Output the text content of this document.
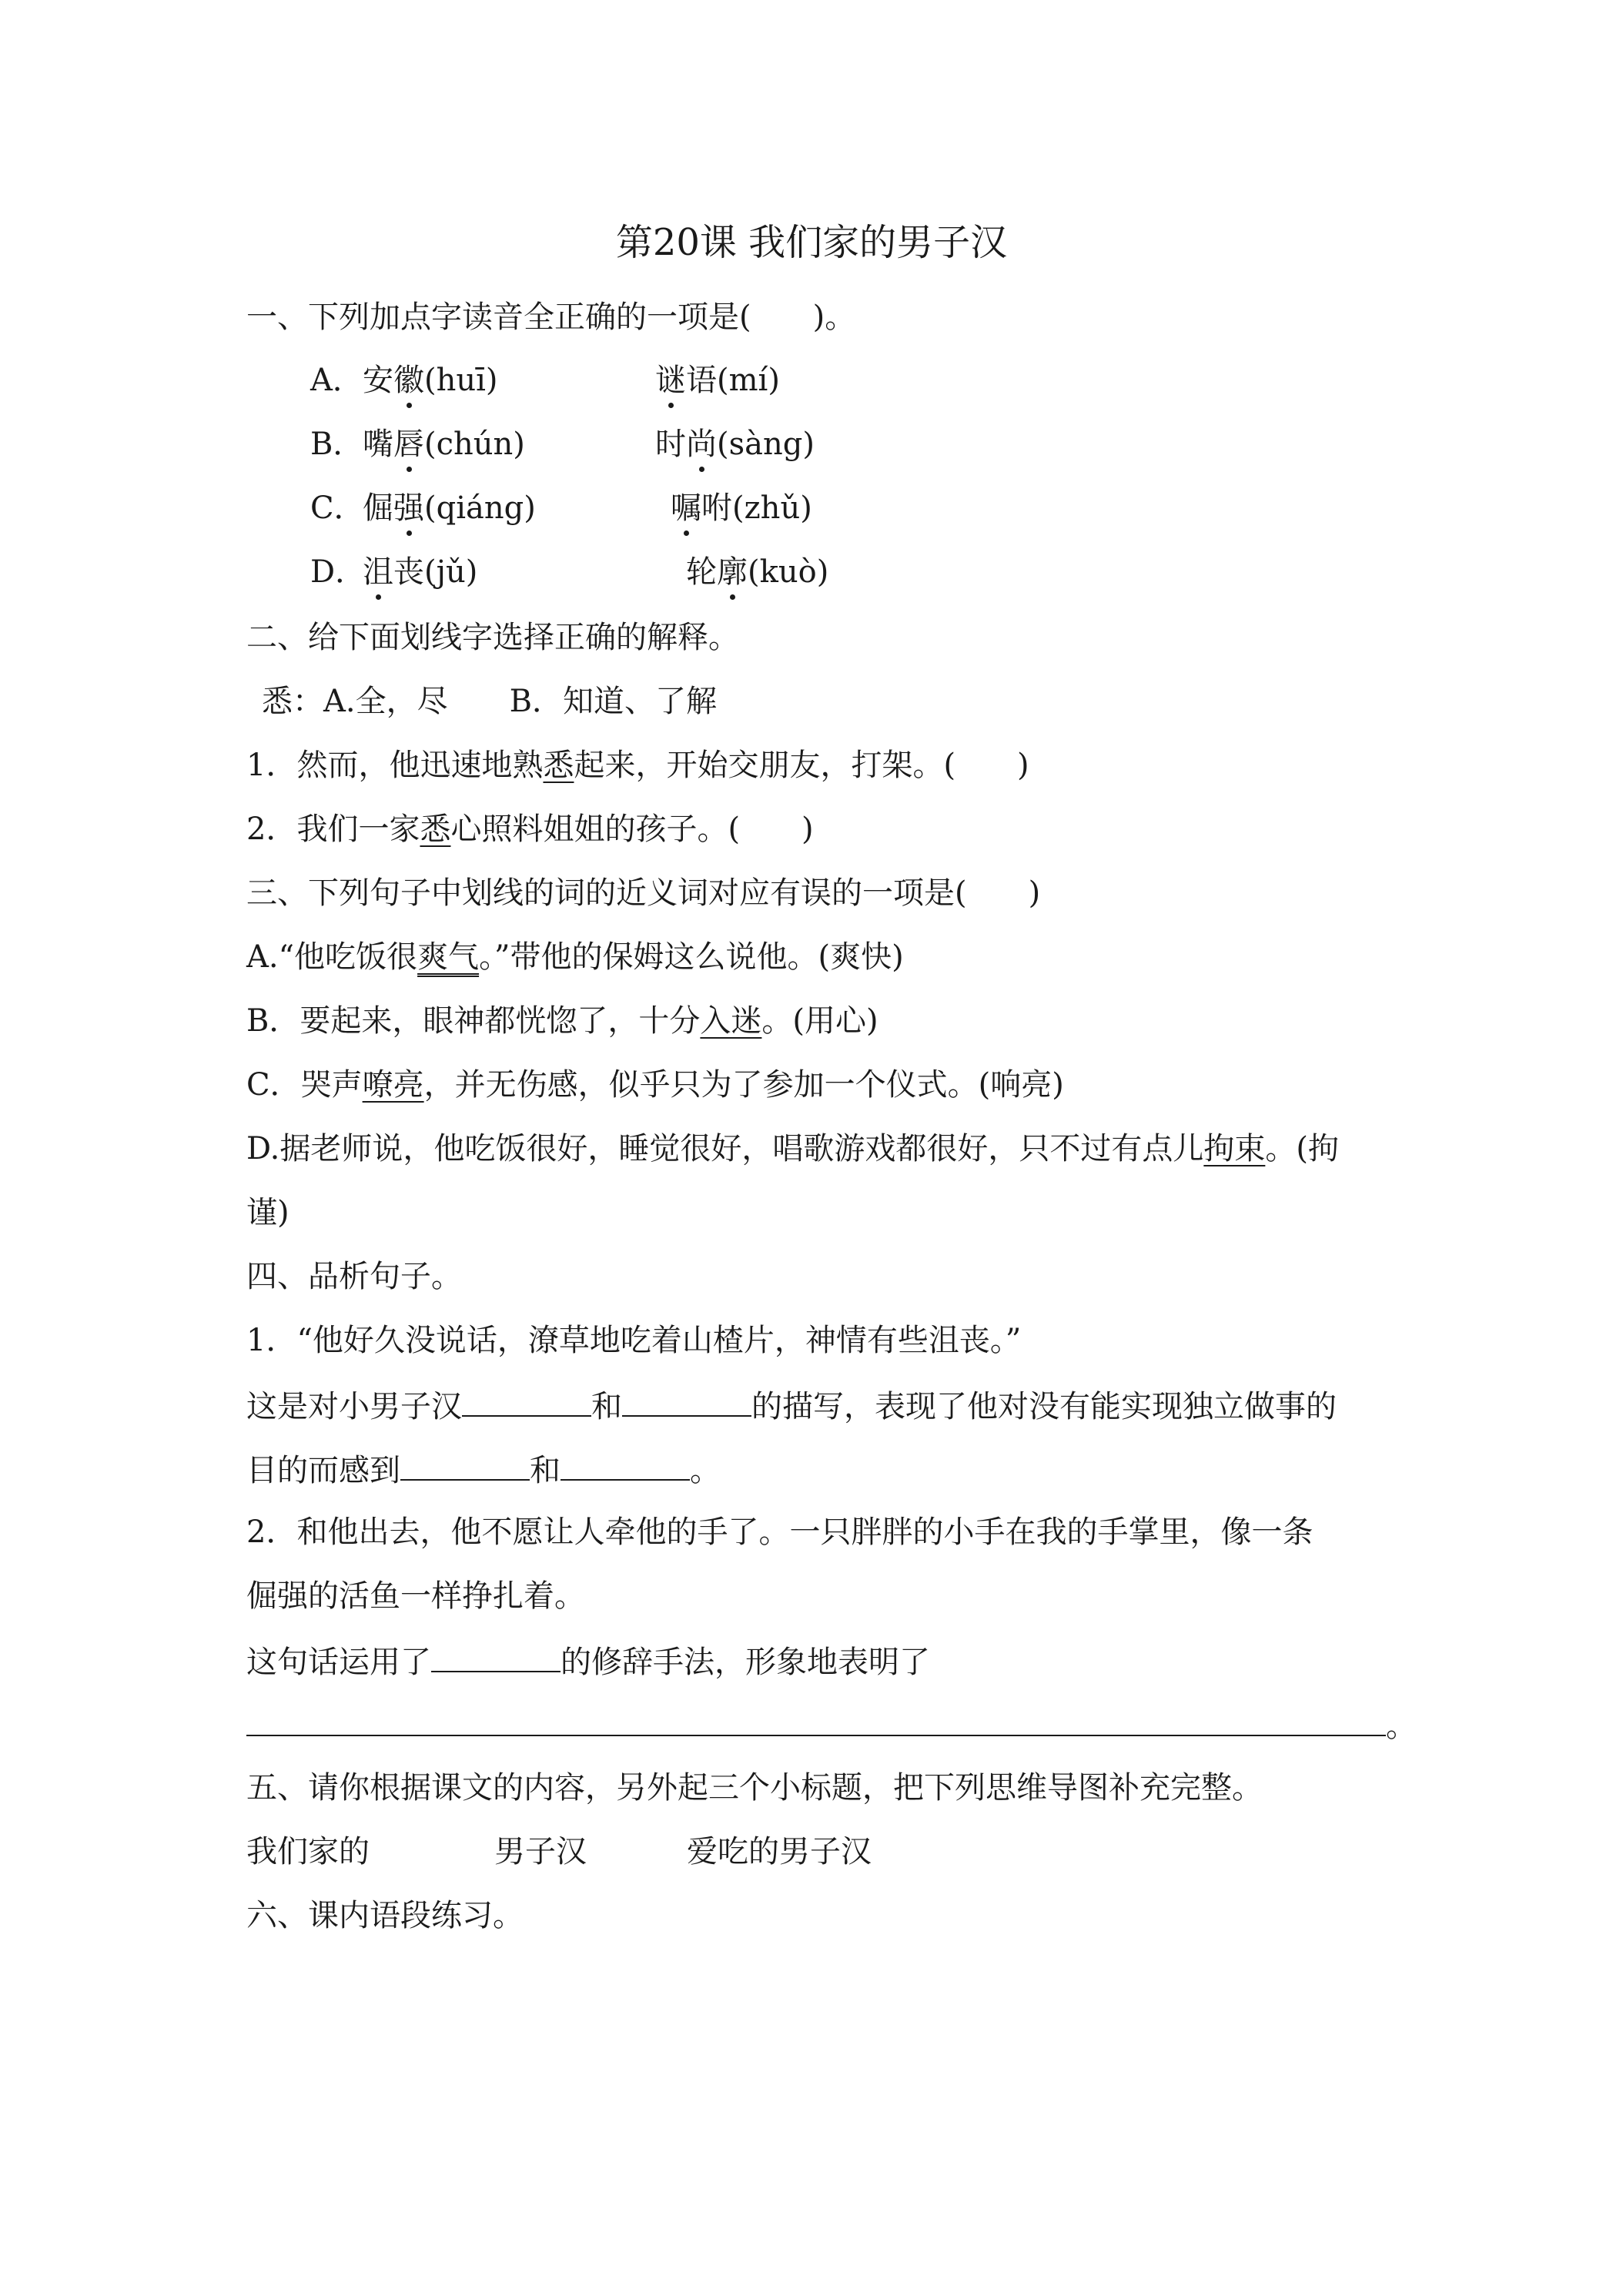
第20课 我们家的男子汉
一、下列加点字读音全正确的一项是(　　)。
A．安徽(huī)	谜语(mí)
B．嘴唇(chún)	时尚(sàng)
C．倔强(qiáng)	嘱咐(zhǔ)
D．沮丧(jǔ)	轮廓(kuò)
二、给下面划线字选择正确的解释。
悉：A.全，尽　　B．知道、了解
1．然而，他迅速地熟悉起来，开始交朋友，打架。(　　)
2．我们一家悉心照料姐姐的孩子。(　　)
三、下列句子中划线的词的近义词对应有误的一项是(　　)
A.“他吃饭很爽气。”带他的保姆这么说他。(爽快)
B．要起来，眼神都恍惚了，十分入迷。(用心)
C．哭声嘹亮，并无伤感，似乎只为了参加一个仪式。(响亮)
D.据老师说，他吃饭很好，睡觉很好，唱歌游戏都很好，只不过有点儿拘束。(拘
谨)
四、品析句子。
1．“他好久没说话，潦草地吃着山楂片，神情有些沮丧。”
这是对小男子汉	和	的描写，表现了他对没有能实现独立做事的
目的而感到	和	。
2．和他出去，他不愿让人牵他的手了。一只胖胖的小手在我的手掌里，像一条
倔强的活鱼一样挣扎着。
这句话运用了	的修辞手法，形象地表明了
。
五、请你根据课文的内容，另外起三个小标题，把下列思维导图补充完整。
我们家的	男子汉	爱吃的男子汉
六、课内语段练习。
